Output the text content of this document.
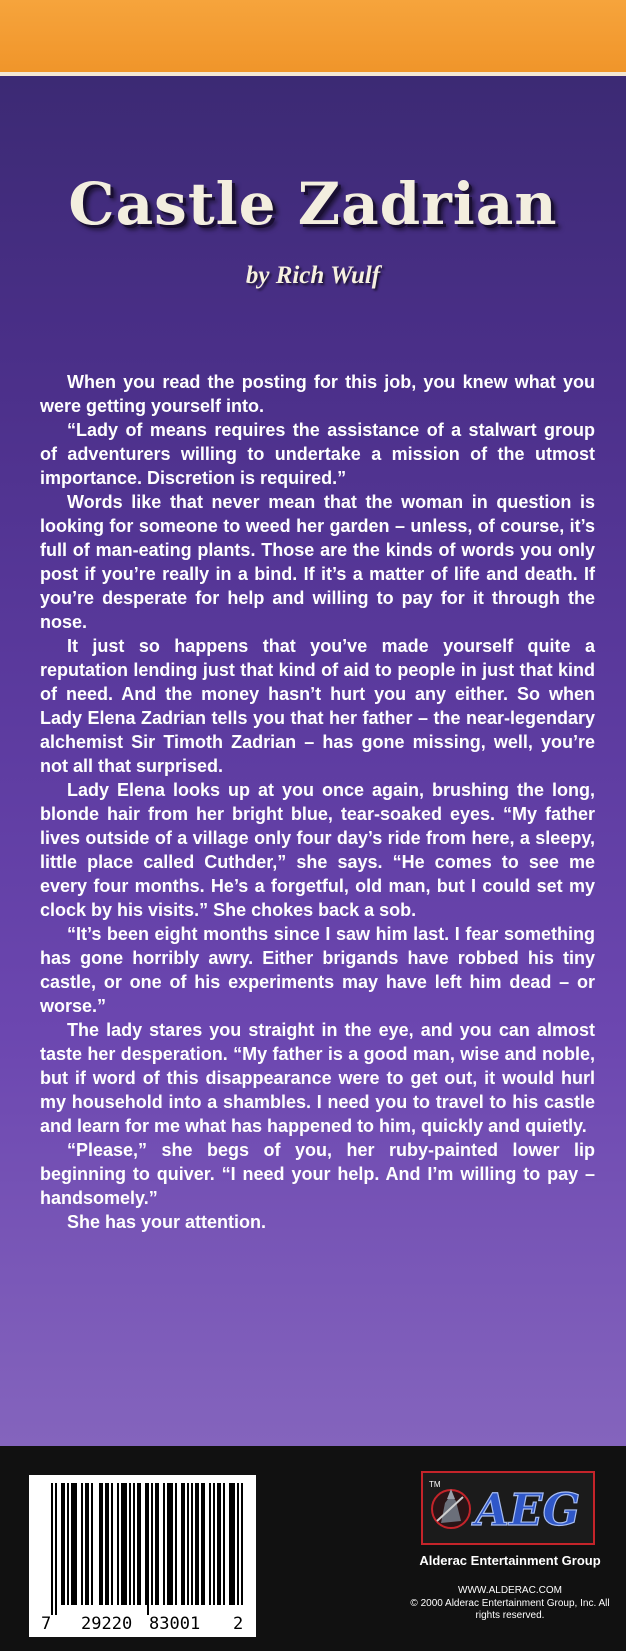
Castle Zadrian
by Rich Wulf

When you read the posting for this job, you knew what you were getting yourself into.

“Lady of means requires the assistance of a stalwart group of adventurers willing to undertake a mission of the utmost importance. Discretion is required.”

Words like that never mean that the woman in question is looking for someone to weed her garden – unless, of course, it’s full of man-eating plants. Those are the kinds of words you only post if you’re really in a bind. If it’s a matter of life and death. If you’re desperate for help and willing to pay for it through the nose.

It just so happens that you’ve made yourself quite a reputation lending just that kind of aid to people in just that kind of need. And the money hasn’t hurt you any either. So when Lady Elena Zadrian tells you that her father – the near-legendary alchemist Sir Timoth Zadrian – has gone missing, well, you’re not all that surprised.

Lady Elena looks up at you once again, brushing the long, blonde hair from her bright blue, tear-soaked eyes. “My father lives outside of a village only four day’s ride from here, a sleepy, little place called Cuthder,” she says. “He comes to see me every four months. He’s a forgetful, old man, but I could set my clock by his visits.” She chokes back a sob.

“It’s been eight months since I saw him last. I fear something has gone horribly awry. Either brigands have robbed his tiny castle, or one of his experiments may have left him dead – or worse.”

The lady stares you straight in the eye, and you can almost taste her desperation. “My father is a good man, wise and noble, but if word of this disappearance were to get out, it would hurl my household into a shambles. I need you to travel to his castle and learn for me what has happened to him, quickly and quietly.

“Please,” she begs of you, her ruby-painted lower lip beginning to quiver. “I need your help. And I’m willing to pay – handsomely.”

She has your attention.

7 29220 83001 2
TM
AEG

Alderac Entertainment Group

WWW.ALDERAC.COM

© 2000 Alderac Entertainment Group, Inc. All rights reserved.
